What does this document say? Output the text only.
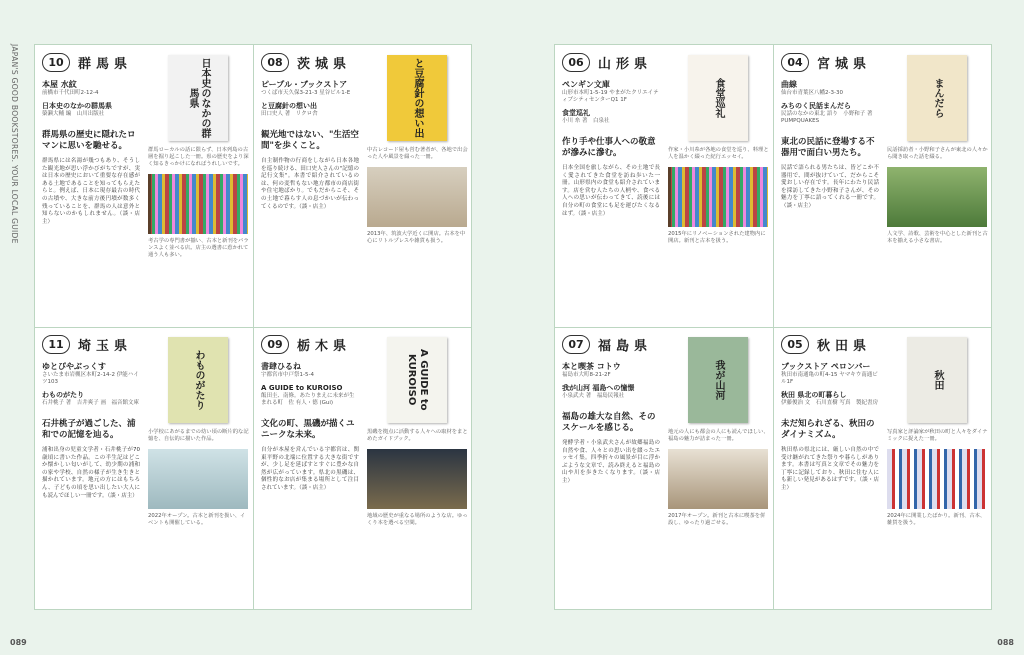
JAPAN'S GOOD BOOKSTORES. YOUR LOCAL GUIDE	10	群馬県
本屋 水紋
前橋市千代田町2-12-4
日本史のなかの群馬県
簗瀬大輔 編　山川出版社
群馬県の歴史に隠れたロマンに思いを馳せる。
群馬県には名湯が幾つもあり、そうした観光地が思い浮かびがちですが、実は日本の歴史において重要な存在感がある土地であることを知ってもらえたらと。例えば、日本に現存最古の時代の古墳や、大きな前方後円墳が数多く残っていることを、群馬の人は意外と知らないのかもしれません。（談・店主）
日本史のなかの群馬県
群馬ローカルの話に限らず、日本列島の古層を掘り起こした一冊。県の歴史をより深く知るきっかけになればうれしいです。
考古学の専門書が揃い、古本と新刊をバランスよく並べる店。店主の選書に惹かれて通う人も多い。
08	茨城県
ピープル・ブックストア
つくば市天久保3-21-3 星谷ビル1-E
と豆腐針の想い出
田口史人 著　リクロ舎
観光地ではない、"生活空間"を歩くこと。
自主制作物の行商をしながら日本各地を巡り続ける、田口史人さんの"記憶の記行文集"。本書で紹介されているのは、何の変哲もない地方都市の商店街や住宅地ばかり。でもだからこそ、その土地で暮らす人の息づかいが伝わってくるのです。（談・店主）
と豆腐針の想い出
中古レコード屋も営む著者が、各地で出会った人や風景を綴った一冊。
2013年、筑波大学近くに開店。古本を中心にリトルプレスや雑貨も扱う。
11	埼玉県
ゆとぴやぶっくす
さいたま市岩槻区本町2-14-2 伊能ハイツ103
わものがたり
石井桃子 著　吉井爽子 画　福音館文庫
石井桃子が過ごした、浦和での記憶を辿る。
浦和出身の児童文学者・石井桃子が70歳頃に書いた作品。この半生記はどこか懐かしい匂いがして、幼少期の浦和の家や学校、自然の様子が生き生きと描かれています。地元の方にはもちろん、子どもの頃を思い出したい大人にも読んでほしい一冊です。（談・店主）
わものがたり
小学校にあがるまでの幼い頃の断片的な記憶を、自伝的に描いた作品。
2022年オープン。古本と新刊を扱い、イベントも開催している。
09	栃木県
書肆ひるね
宇都宮市中戸祭1-5-4
A GUIDE to KUROISO
飯田圭、南條。あたりまえに未来が生まれる町　佐 有人・德 (Gui)
文化の町、黒磯が描くユニークな未来。
自分が本屋を営んでいる宇都宮は、関東平野の北端に位置する大きな街ですが、少し足を延ばすとすぐに豊かな自然が広がっています。県北の黒磯は、個性的なお店が集まる場所として注目されています。（談・店主）
A GUIDE to KUROISO
黒磯を拠点に活動する人々への取材をまとめたガイドブック。
地域の歴史が重なる場所のような店。ゆっくり本を選べる空間。
06	山形県
ペンギン文庫
山形市本町1-5-19 やまがたクリエイティブシティセンターQ1 1F
食堂巡礼
小川 糸 著　白泉社
作り手や仕事人への敬意が滲みに滲む。
日本全国を旅しながら、その土地で長く愛されてきた食堂を訪ね歩いた一冊。山形県内の食堂も紹介されています。店を営む人たちの人柄や、食べる人への思いが伝わってきて、読後には自分の町の食堂にも足を運びたくなるはず。（談・店主）
食堂巡礼
作家・小川糸が各地の食堂を巡り、料理と人を温かく綴った紀行エッセイ。
2015年にリノベーションされた建物内に開店。新刊と古本を扱う。
04	宮城県
曲線
仙台市青葉区八幡2-3-30
みちのく民話まんだら
民話のなかの東北 語り　小野和子 著　PUMPQUAKES
東北の民話に登場する不器用で面白い男たち。
民話で語られる男たちは、皆どこか不器用で、間が抜けていて、だからこそ愛おしい存在です。長年にわたり民話を採訪してきた小野和子さんが、その魅力を丁寧に語ってくれる一冊です。（談・店主）
まんだら
民話採訪者・小野和子さんが東北の人々から聞き取った話を綴る。
人文学、詩歌、芸術を中心とした新刊と古本を揃える小さな書店。
07	福島県
本と喫茶 コトウ
福島市大町8-21-2F
我が山河 福島への憧憬
小泉武夫 著　福島民報社
福島の雄大な自然、そのスケールを感じる。
発酵学者・小泉武夫さんが故郷福島の自然や食、人々との思い出を綴ったエッセイ集。四季折々の風景が目に浮かぶような文章で、読み終えると福島の山や川を歩きたくなります。（談・店主）
我が山河
地元の人にも都会の人にも読んでほしい、福島の魅力が詰まった一冊。
2017年オープン。新刊と古本に喫茶を併設し、ゆったり過ごせる。
05	秋田県
ブックストア ペロンパー
秋田市南通亀の町4-15 ヤマキウ南通ビル1F
秋田 県北の町暮らし
伊藤俊治 文　石川直樹 写真　製紀書房
未だ知られざる、秋田のダイナミズム。
秋田県の県北には、厳しい自然の中で受け継がれてきた祭りや暮らしがあります。本書は写真と文章でその魅力を丁寧に記録しており、秋田に住む人にも新しい発見があるはずです。（談・店主）
秋田
写真家と評論家が秋田の町と人々をダイナミックに捉えた一冊。
2024年に開業したばかり。新刊、古本、雑貨を扱う。
089	088
